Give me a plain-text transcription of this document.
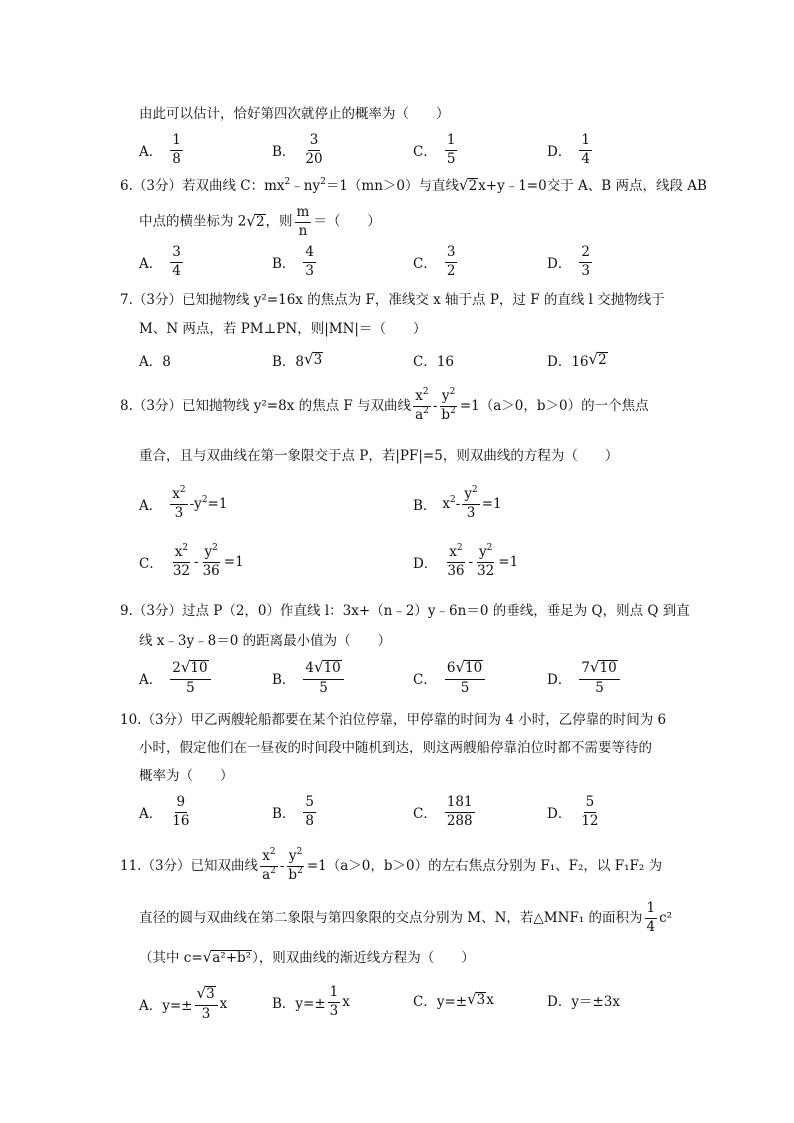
由此可以估计，恰好第四次就停止的概率为（　　）
A． $\frac{1}{8}$	B． $\frac{3}{20}$	C． $\frac{1}{5}$	D． $\frac{1}{4}$
6.（3分）若双曲线 C：$mx^2﹣ny^2=1(mn>0)$与直线 √ 2 x+y﹣1=0交于 A、B 两点，线段 AB
中点的横坐标为 2 √ 2 ，则 $\frac{m}{n}$ ＝（　　）
A． $\frac{3}{4}$	B． $\frac{4}{3}$	C． $\frac{3}{2}$	D． $\frac{2}{3}$
7.（3分）已知抛物线 y²=16x 的焦点为 F，准线交 x 轴于点 P，过 F 的直线 l 交抛物线于
M、N 两点，若 PM⊥PN，则|MN|＝（　　）
A．8	B．8 √ 3	C．16	D．16 √ 2
8.（3分）已知抛物线 y²=8x 的焦点 F 与双曲线 $\frac{x^2}{a^2} - \frac{y^2}{b^2} =1(a>0$，b＞0）的一个焦点
重合，且与双曲线在第一象限交于点 P，若|PF|=5，则双曲线的方程为（　　）
A． $\frac{x^2}{3} -y^2=1$	B． $x^2- \frac{y^2}{3} =1$
C． $\frac{x^2}{32} - \frac{y^2}{36} =1$	D． $\frac{x^2}{36} - \frac{y^2}{32} =1$
9.（3分）过点 P（2，0）作直线 l：3x+（n﹣2）y﹣6n＝0 的垂线，垂足为 Q，则点 Q 到直
线 x﹣3y﹣8＝0 的距离最小值为（　　）
A． $\frac{2 √ 10}{5}$	B． $\frac{4 √ 10}{5}$	C． $\frac{6 √ 10}{5}$	D． $\frac{7 √ 10}{5}$
10.（3分）甲乙两艘轮船都要在某个泊位停靠，甲停靠的时间为 4 小时，乙停靠的时间为 6
小时，假定他们在一昼夜的时间段中随机到达，则这两艘船停靠泊位时都不需要等待的
概率为（　　）
A． $\frac{9}{16}$	B． $\frac{5}{8}$	C． $\frac{181}{288}$	D． $\frac{5}{12}$
11.（3分）已知双曲线 $\frac{x^2}{a^2} - \frac{y^2}{b^2} =1(a>0$，b＞0）的左右焦点分别为 F₁、F₂，以 F₁F₂ 为
直径的圆与双曲线在第二象限与第四象限的交点分别为 M、N，若△MNF₁ 的面积为 $\frac{1}{4} c^2$
（其中 c= √ a²+b² ），则双曲线的渐近线方程为（　　）
A．$y=\pm \frac{√ 3}{3}$ x	B．$y=\pm \frac{1}{3}$ x	C．y=± √ 3 x	D．y＝±3x
